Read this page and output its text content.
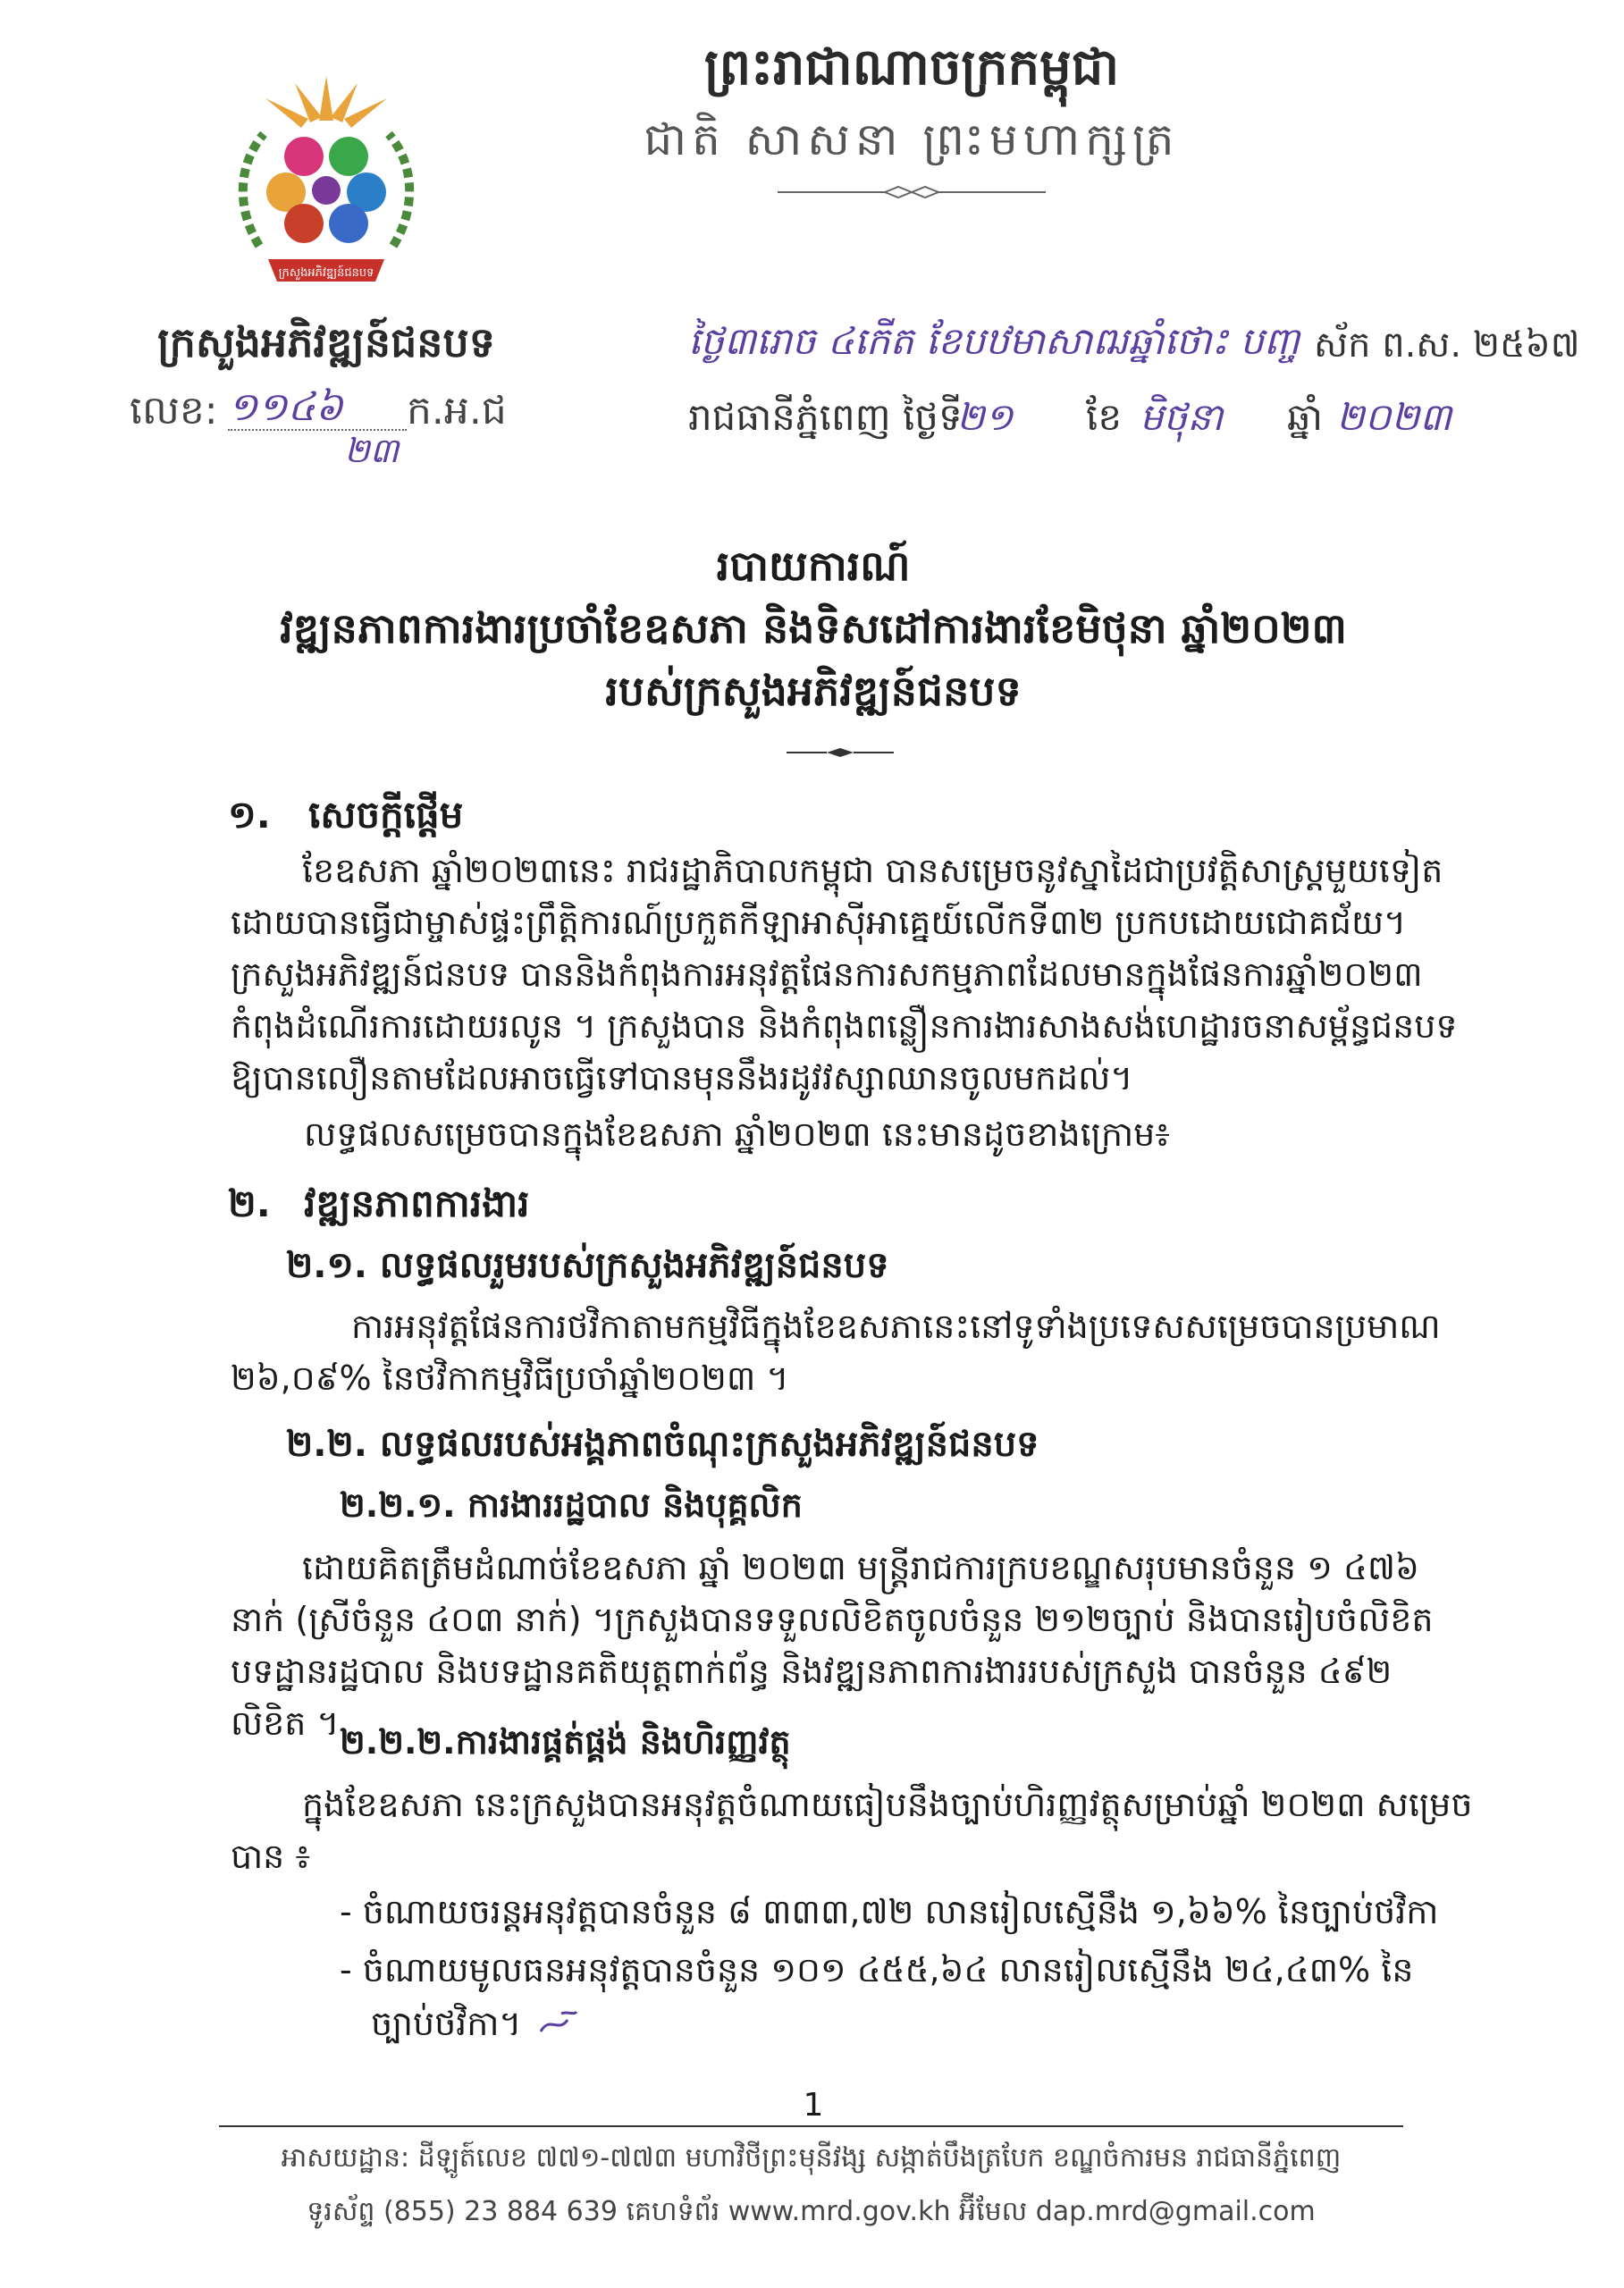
ក្រសួងអភិវឌ្ឍន៍ជនបទ
ព្រះរាជាណាចក្រកម្ពុជា
ជាតិ សាសនា ព្រះមហាក្សត្រ
ក្រសួងអភិវឌ្ឍន៍ជនបទ
លេខ: ១១៤៦ ក.អ.ជ
២៣
ថ្ងៃ៣រោច ៤កើត ខែបឋមាសាឍឆ្នាំថោះ បញ្ច ស័ក ព.ស. ២៥៦៧
រាជធានីភ្នំពេញ ថ្ងៃទី
២១ ខែ មិថុនា ឆ្នាំ ២០២៣
របាយការណ៍
វឌ្ឍនភាពការងារប្រចាំខែឧសភា និងទិសដៅការងារខែមិថុនា ឆ្នាំ២០២៣
របស់ក្រសួងអភិវឌ្ឍន៍ជនបទ
១. សេចក្តីផ្តើម
ខែឧសភា ឆ្នាំ២០២៣នេះ រាជរដ្ឋាភិបាលកម្ពុជា បានសម្រេចនូវស្នាដៃជាប្រវត្តិសាស្ត្រមួយទៀត ដោយបានធ្វើជាម្ចាស់ផ្ទះព្រឹត្តិការណ៍ប្រកួតកីឡាអាស៊ីអាគ្នេយ៍លើកទី៣២ ប្រកបដោយជោគជ័យ។ ក្រសួងអភិវឌ្ឍន៍ជនបទ បាននិងកំពុងការអនុវត្តផែនការសកម្មភាពដែលមានក្នុងផែនការឆ្នាំ២០២៣ កំពុងដំណើរការដោយរលូន ។ ក្រសួងបាន និងកំពុងពន្លឿនការងារសាងសង់ហេដ្ឋារចនាសម្ព័ន្ធជនបទ ឱ្យបានលឿនតាមដែលអាចធ្វើទៅបានមុននឹងរដូវវស្សាឈានចូលមកដល់។
លទ្ធផលសម្រេចបានក្នុងខែឧសភា ឆ្នាំ២០២៣ នេះមានដូចខាងក្រោម៖
២. វឌ្ឍនភាពការងារ
២.១. លទ្ធផលរួមរបស់ក្រសួងអភិវឌ្ឍន៍ជនបទ
ការអនុវត្តផែនការថវិកាតាមកម្មវិធីក្នុងខែឧសភានេះនៅទូទាំងប្រទេសសម្រេចបានប្រមាណ ២៦,០៩% នៃថវិកាកម្មវិធីប្រចាំឆ្នាំ២០២៣ ។
២.២. លទ្ធផលរបស់អង្គភាពចំណុះក្រសួងអភិវឌ្ឍន៍ជនបទ
២.២.១. ការងាររដ្ឋបាល និងបុគ្គលិក
ដោយគិតត្រឹមដំណាច់ខែឧសភា ឆ្នាំ ២០២៣ មន្ត្រីរាជការក្របខណ្ឌសរុបមានចំនួន ១ ៤៧៦ នាក់ (ស្រីចំនួន ៤០៣ នាក់) ។ក្រសួងបានទទួលលិខិតចូលចំនួន ២១២ច្បាប់ និងបានរៀបចំលិខិតបទដ្ឋានរដ្ឋបាល និងបទដ្ឋានគតិយុត្តពាក់ព័ន្ធ និងវឌ្ឍនភាពការងាររបស់ក្រសួង បានចំនួន ៤៩២ លិខិត ។ ២.២.២.ការងារផ្គត់ផ្គង់ និងហិរញ្ញវត្ថុ
ក្នុងខែឧសភា នេះក្រសួងបានអនុវត្តចំណាយធៀបនឹងច្បាប់ហិរញ្ញវត្ថុសម្រាប់ឆ្នាំ ២០២៣ សម្រេចបាន ៖
- ចំណាយចរន្តអនុវត្តបានចំនួន ៨ ៣៣៣,៧២ លានរៀលស្មើនឹង ១,៦៦% នៃច្បាប់ថវិកា
- ចំណាយមូលធនអនុវត្តបានចំនួន ១០១ ៤៥៥,៦៤ លានរៀលស្មើនឹង ២៤,៤៣% នៃ
ច្បាប់ថវិកា។
1
អាសយដ្ឋាន: ដីឡូត៍លេខ ៧៧១-៧៧៣ មហាវិថីព្រះមុនីវង្ស សង្កាត់បឹងត្របែក ខណ្ឌចំការមន រាជធានីភ្នំពេញ
ទូរស័ព្ទ (855) 23 884 639 គេហទំព័រ www.mrd.gov.kh អ៊ីមែល dap.mrd@gmail.com
